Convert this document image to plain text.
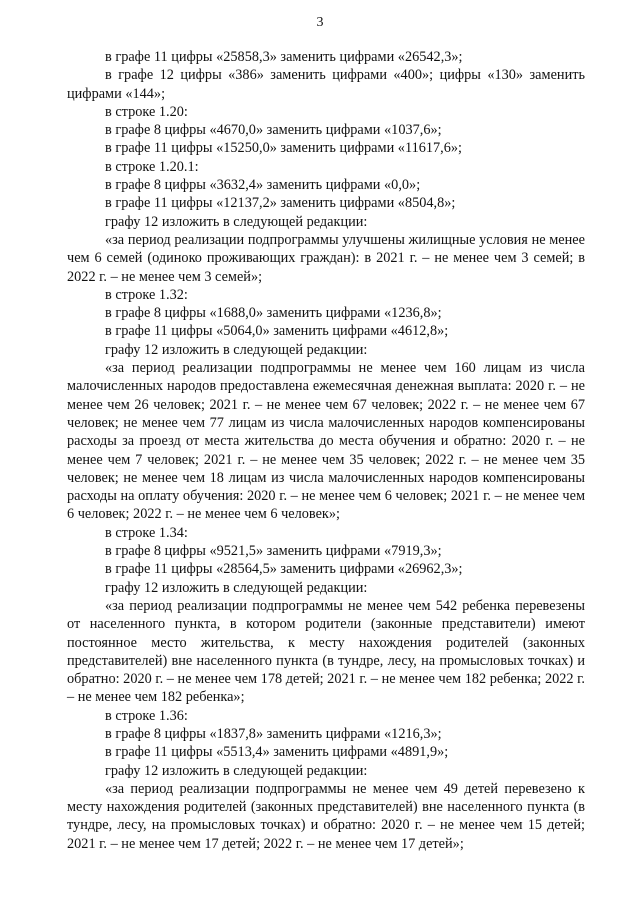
3

в графе 11 цифры «25858,3» заменить цифрами «26542,3»;

в графе 12 цифры «386» заменить цифрами «400»; цифры «130» заменить цифрами «144»;

в строке 1.20:

в графе 8 цифры «4670,0» заменить цифрами «1037,6»;

в графе 11 цифры «15250,0» заменить цифрами «11617,6»;

в строке 1.20.1:

в графе 8 цифры «3632,4» заменить цифрами «0,0»;

в графе 11 цифры «12137,2» заменить цифрами «8504,8»;

графу 12 изложить в следующей редакции:

«за период реализации подпрограммы улучшены жилищные условия не менее чем 6 семей (одиноко проживающих граждан): в 2021 г. – не менее чем 3 семей; в 2022 г. – не менее чем 3 семей»;

в строке 1.32:

в графе 8 цифры «1688,0» заменить цифрами «1236,8»;

в графе 11 цифры «5064,0» заменить цифрами «4612,8»;

графу 12 изложить в следующей редакции:

«за период реализации подпрограммы не менее чем 160 лицам из числа малочисленных народов предоставлена ежемесячная денежная выплата: 2020 г. – не менее чем 26 человек; 2021 г. – не менее чем 67 человек; 2022 г. – не менее чем 67 человек; не менее чем 77 лицам из числа малочисленных народов компенсированы расходы за проезд от места жительства до места обучения и обратно: 2020 г. – не менее чем 7 человек; 2021 г. – не менее чем 35 человек; 2022 г. – не менее чем 35 человек; не менее чем 18 лицам из числа малочисленных народов компенсированы расходы на оплату обучения: 2020 г. – не менее чем 6 человек; 2021 г. – не менее чем 6 человек; 2022 г. – не менее чем 6 человек»;

в строке 1.34:

в графе 8 цифры «9521,5» заменить цифрами «7919,3»;

в графе 11 цифры «28564,5» заменить цифрами «26962,3»;

графу 12 изложить в следующей редакции:

«за период реализации подпрограммы не менее чем 542 ребенка перевезены от населенного пункта, в котором родители (законные представители) имеют постоянное место жительства, к месту нахождения родителей (законных представителей) вне населенного пункта (в тундре, лесу, на промысловых точках) и обратно: 2020 г. – не менее чем 178 детей; 2021 г. – не менее чем 182 ребенка; 2022 г. – не менее чем 182 ребенка»;

в строке 1.36:

в графе 8 цифры «1837,8» заменить цифрами «1216,3»;

в графе 11 цифры «5513,4» заменить цифрами «4891,9»;

графу 12 изложить в следующей редакции:

«за период реализации подпрограммы не менее чем 49 детей перевезено к месту нахождения родителей (законных представителей) вне населенного пункта (в тундре, лесу, на промысловых точках) и обратно: 2020 г. – не менее чем 15 детей; 2021 г. – не менее чем 17 детей; 2022 г. – не менее чем 17 детей»;
